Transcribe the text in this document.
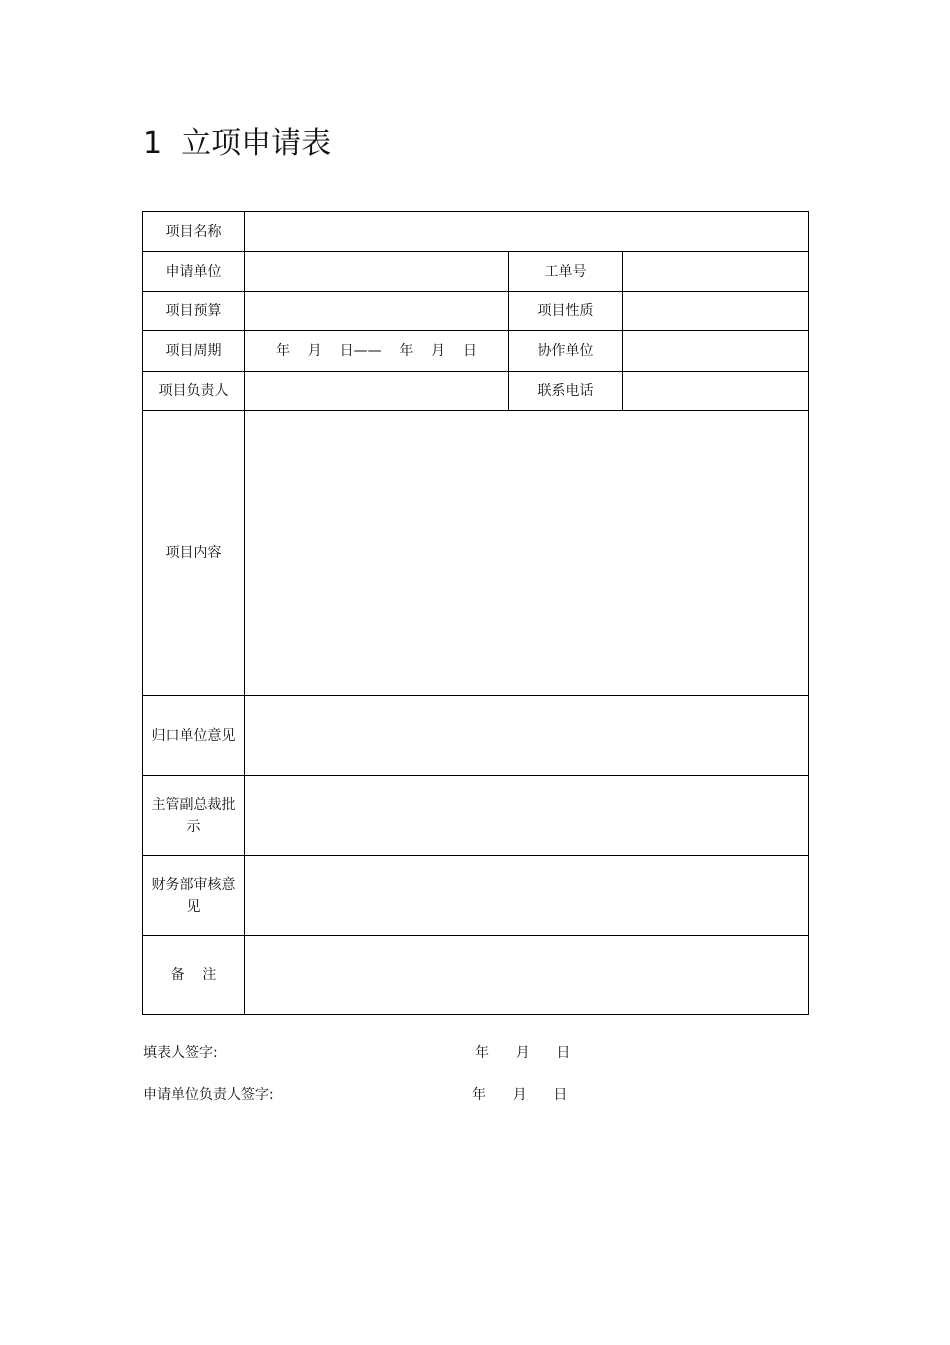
1  立项申请表
项目名称			
申请单位		工单号	
项目预算		项目性质	
项目周期	年    月    日——    年    月    日	协作单位	
项目负责人		联系电话	
项目内容			
归口单位意见			
主管副总裁批示			
财务部审核意见			
备    注			
填表人签字:	年      月      日
申请单位负责人签字:	年      月      日
